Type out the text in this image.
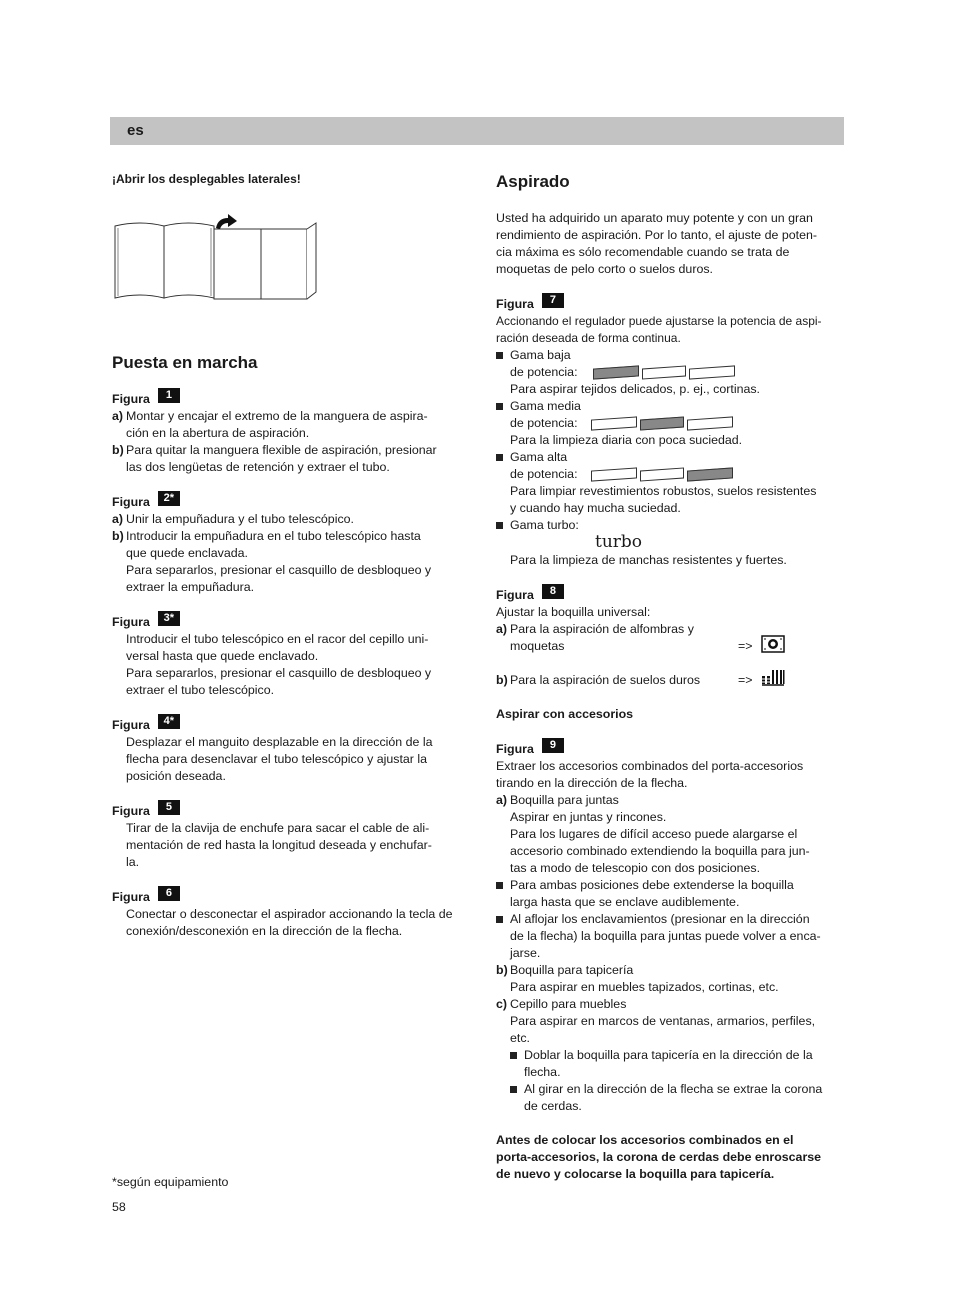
es

¡Abrir los desplegables laterales!

Puesta en marcha
Figura	1
a) Montar y encajar el extremo de la manguera de aspira-
ción en la abertura de aspiración.
b) Para quitar la manguera flexible de aspiración, presionar
las dos lengüetas de retención y extraer el tubo.
Figura	2*
a) Unir la empuñadura y el tubo telescópico.
b) Introducir la empuñadura en el tubo telescópico hasta
que quede enclavada.
Para separarlos, presionar el casquillo de desbloqueo y
extraer la empuñadura.
Figura	3*
Introducir el tubo telescópico en el racor del cepillo uni-
versal hasta que quede enclavado.
Para separarlos, presionar el casquillo de desbloqueo y
extraer el tubo telescópico.
Figura	4*
Desplazar el manguito desplazable en la dirección de la
flecha para desenclavar el tubo telescópico y ajustar la
posición deseada.
Figura	5
Tirar de la clavija de enchufe para sacar el cable de ali-
mentación de red hasta la longitud deseada y enchufar-
la.
Figura	6
Conectar o desconectar el aspirador accionando la tecla de
conexión/desconexión en la dirección de la flecha.
*según equipamiento
58
Aspirado

Usted ha adquirido un aparato muy potente y con un gran
rendimiento de aspiración. Por lo tanto, el ajuste de poten-
cia máxima es sólo recomendable cuando se trata de
moquetas de pelo corto o suelos duros.

Figura	7

Accionando el regulador puede ajustarse la potencia de aspi-
ración deseada de forma continua.

Gama baja
de potencia:
Para aspirar tejidos delicados, p. ej., cortinas.
Gama media
de potencia:
Para la limpieza diaria con poca suciedad.
Gama alta
de potencia:
Para limpiar revestimientos robustos, suelos resistentes
y cuando hay mucha suciedad.
Gama turbo:
turbo
Para la limpieza de manchas resistentes y fuertes.
Figura	8

Ajustar la boquilla universal:

a) Para la aspiración de alfombras y
moquetas	=>
b) Para la aspiración de suelos duros	=>

Aspirar con accesorios

Figura	9

Extraer los accesorios combinados del porta-accesorios
tirando en la dirección de la flecha.

a) Boquilla para juntas
Aspirar en juntas y rincones.
Para los lugares de difícil acceso puede alargarse el
accesorio combinado extendiendo la boquilla para jun-
tas a modo de telescopio con dos posiciones.
Para ambas posiciones debe extenderse la boquilla
larga hasta que se enclave audiblemente.
Al aflojar los enclavamientos (presionar en la dirección
de la flecha) la boquilla para juntas puede volver a enca-
jarse.
b) Boquilla para tapicería
Para aspirar en muebles tapizados, cortinas, etc.
c) Cepillo para muebles
Para aspirar en marcos de ventanas, armarios, perfiles,
etc.
Doblar la boquilla para tapicería en la dirección de la
flecha.
Al girar en la dirección de la flecha se extrae la corona
de cerdas.

Antes de colocar los accesorios combinados en el
porta-accesorios, la corona de cerdas debe enroscarse
de nuevo y colocarse la boquilla para tapicería.
